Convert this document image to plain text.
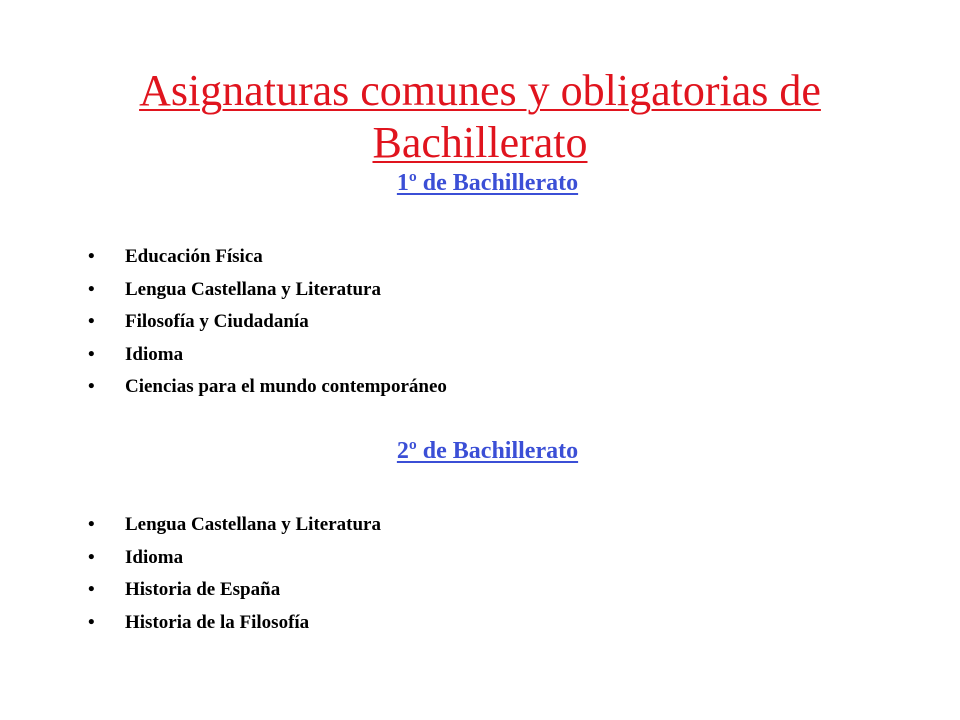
Asignaturas comunes y obligatorias de
Bachillerato
1º de Bachillerato
• Educación Física
• Lengua Castellana y Literatura
• Filosofía y Ciudadanía
• Idioma
• Ciencias para el mundo contemporáneo
2º de Bachillerato
• Lengua Castellana y Literatura
• Idioma
• Historia de España
• Historia de la Filosofía
